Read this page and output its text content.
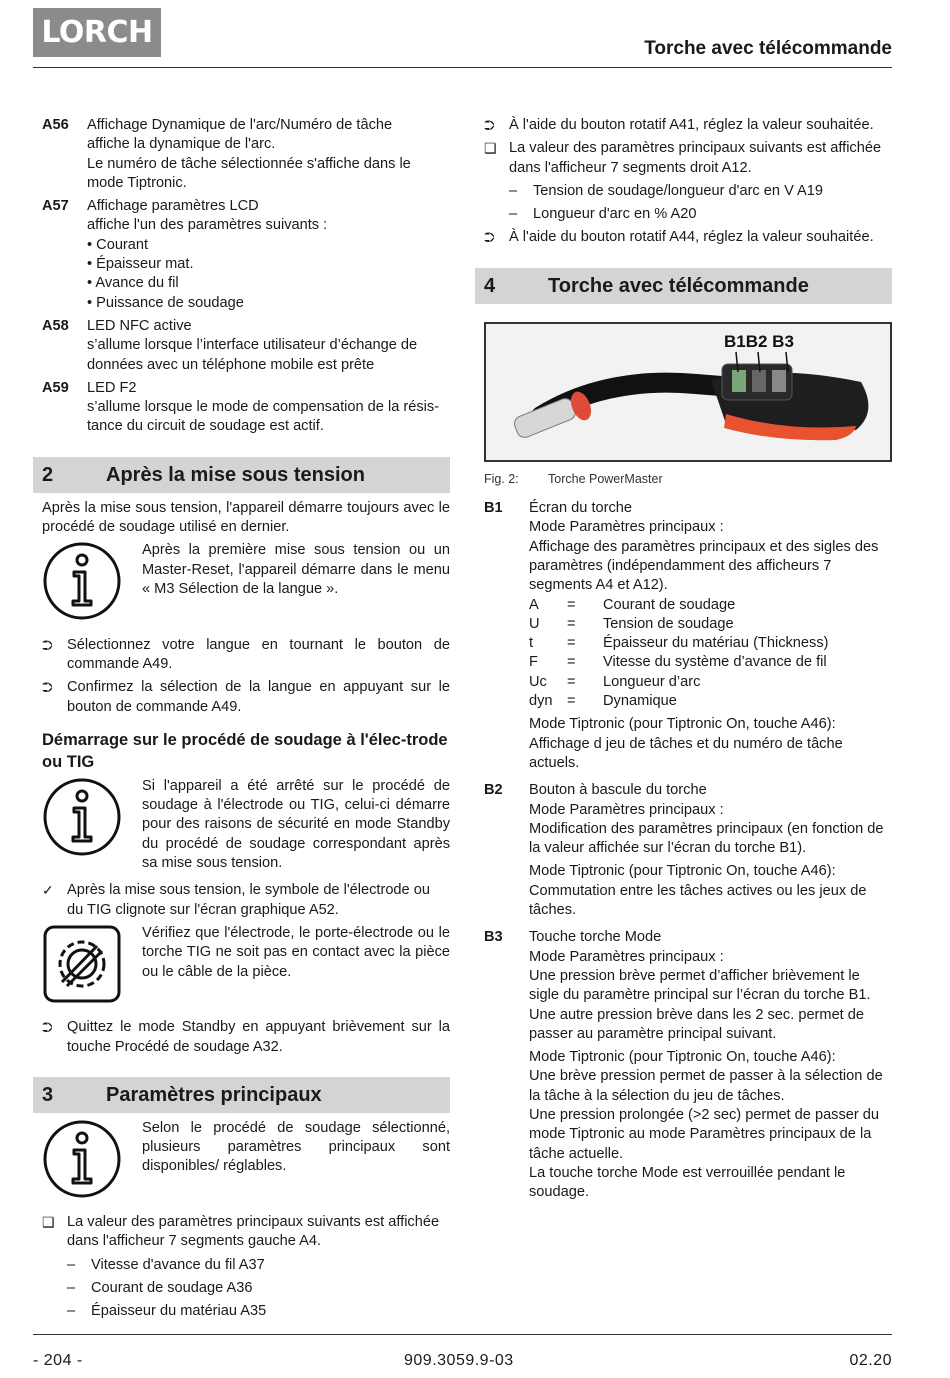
LORCH	Torche avec télécommande
A56	Affichage Dynamique de l'arc/Numéro de tâche
affiche la dynamique de l'arc.
Le numéro de tâche sélectionnée s'affiche dans le
mode Tiptronic.
A57	Affichage paramètres LCD
affiche l'un des paramètres suivants :
• Courant
• Épaisseur mat.
• Avance du fil
• Puissance de soudage
A58	LED NFC active
s’allume lorsque l’interface utilisateur d’échange de
données avec un téléphone mobile est prête
A59	LED F2
s’allume lorsque le mode de compensation de la résis-
tance du circuit de soudage est actif.
2	Après la mise sous tension

Après la mise sous tension, l'appareil démarre toujours avec le procédé de soudage utilisé en dernier.

Après la première mise sous tension ou un Master-Reset, l'appareil démarre dans le menu « M3 Sélection de la langue ».
⮊ Sélectionnez votre langue en tournant le bouton de commande A49.
⮊ Confirmez la sélection de la langue en appuyant sur le bouton de commande A49.
Démarrage sur le procédé de soudage à l'élec-trode ou TIG
Si l'appareil a été arrêté sur le procédé de soudage à l'électrode ou TIG, celui-ci démarre pour des raisons de sécurité en mode Standby du procédé de soudage correspondant après sa mise sous tension.
✓ Après la mise sous tension, le symbole de l'électrode ou du TIG clignote sur l'écran graphique A52.
Vérifiez que l'électrode, le porte-électrode ou le torche TIG ne soit pas en contact avec la pièce ou le câble de la pièce.
⮊ Quittez le mode Standby en appuyant brièvement sur la touche Procédé de soudage A32.
3	Paramètres principaux
Selon le procédé de soudage sélectionné, plusieurs paramètres principaux sont disponibles/ réglables.
❑ La valeur des paramètres principaux suivants est affichée dans l'afficheur 7 segments gauche A4.
–	Vitesse d'avance du fil A37
–	Courant de soudage A36
–	Épaisseur du matériau A35
⮊ À l'aide du bouton rotatif A41, réglez la valeur souhaitée.
❑ La valeur des paramètres principaux suivants est affichée dans l'afficheur 7 segments droit A12.
–	Tension de soudage/longueur d'arc en V A19
–	Longueur d'arc en % A20
⮊ À l'aide du bouton rotatif A44, réglez la valeur souhaitée.
4	Torche avec télécommande
B1B2 B3
Fig. 2:	Torche PowerMaster
B1	Écran du torche
Mode Paramètres principaux :
Affichage des paramètres principaux et des sigles des paramètres (indépendamment des afficheurs 7 segments A4 et A12).
A	=	Courant de soudage
U	=	Tension de soudage
t	=	Épaisseur du matériau (Thickness)
F	=	Vitesse du système d’avance de fil
Uc	=	Longueur d’arc
dyn =	Dynamique

Mode Tiptronic (pour Tiptronic On, touche A46): Affichage d jeu de tâches et du numéro de tâche actuels.

B2	Bouton à bascule du torche
Mode Paramètres principaux :
Modification des paramètres principaux (en fonction de la valeur affichée sur l’écran du torche B1).

Mode Tiptronic (pour Tiptronic On, touche A46): Commutation entre les tâches actives ou les jeux de tâches.

B3	Touche torche Mode
Mode Paramètres principaux :
Une pression brève permet d’afficher brièvement le sigle du paramètre principal sur l’écran du torche B1. Une autre pression brève dans les 2 sec. permet de passer au paramètre principal suivant.

Mode Tiptronic (pour Tiptronic On, touche A46):
Une brève pression permet de passer à la sélection de la tâche à la sélection du jeu de tâches.
Une pression prolongée (>2 sec) permet de passer du mode Tiptronic au mode Paramètres principaux de la tâche actuelle.
La touche torche Mode est verrouillée pendant le soudage.

- 204 -	909.3059.9-03	02.20
